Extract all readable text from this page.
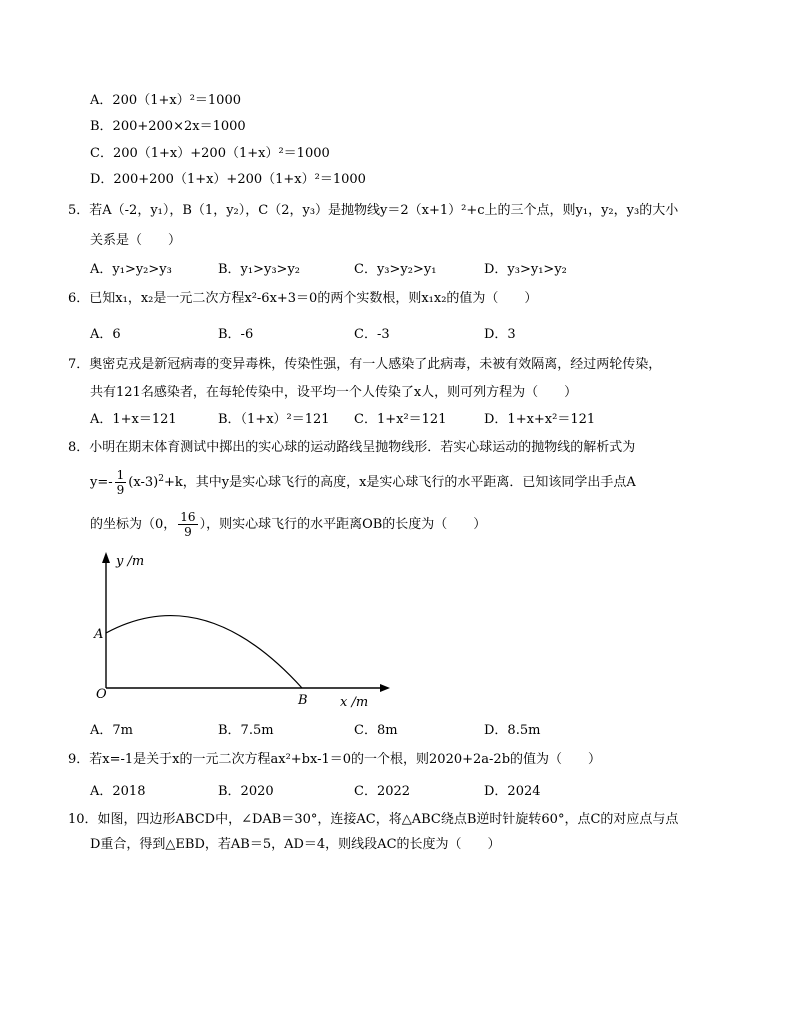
A．200（1+x）²＝1000
B．200+200×2x＝1000
C．200（1+x）+200（1+x）²＝1000
D．200+200（1+x）+200（1+x）²＝1000
5．若A（-2，y₁），B（1，y₂），C（2，y₃）是抛物线y＝2（x+1）²+c上的三个点，则y₁，y₂，y₃的大小
关系是（　　）
A．y₁>y₂>y₃	B．y₁>y₃>y₂	C．y₃>y₂>y₁	D．y₃>y₁>y₂
6．已知x₁，x₂是一元二次方程x²-6x+3＝0的两个实数根，则x₁x₂的值为（　　）
A．6	B．-6	C．-3	D．3
7．奥密克戎是新冠病毒的变异毒株，传染性强，有一人感染了此病毒，未被有效隔离，经过两轮传染，
共有121名感染者，在每轮传染中，设平均一个人传染了x人，则可列方程为（　　）
A．1+x＝121	B．（1+x）²＝121 C．1+x²＝121	D．1+x+x²＝121
8．小明在期末体育测试中掷出的实心球的运动路线呈抛物线形．若实心球运动的抛物线的解析式为
$y=- \frac{1}{9} (x-3)^2+k$，其中y是实心球飞行的高度，x是实心球飞行的水平距离．已知该同学出手点A
的坐标为（0， $\frac{16}{9}$ ），则实心球飞行的水平距离OB的长度为（　　）
y /m
x /m
O
A
B
A．7m	B．7.5m	C．8m	D．8.5m
9．若x=-1是关于x的一元二次方程ax²+bx-1＝0的一个根，则2020+2a-2b的值为（　　）
A．2018	B．2020	C．2022	D．2024
10．如图，四边形ABCD中，∠DAB＝30°，连接AC，将△ABC绕点B逆时针旋转60°，点C的对应点与点
D重合，得到△EBD，若AB＝5，AD＝4，则线段AC的长度为（　　）
